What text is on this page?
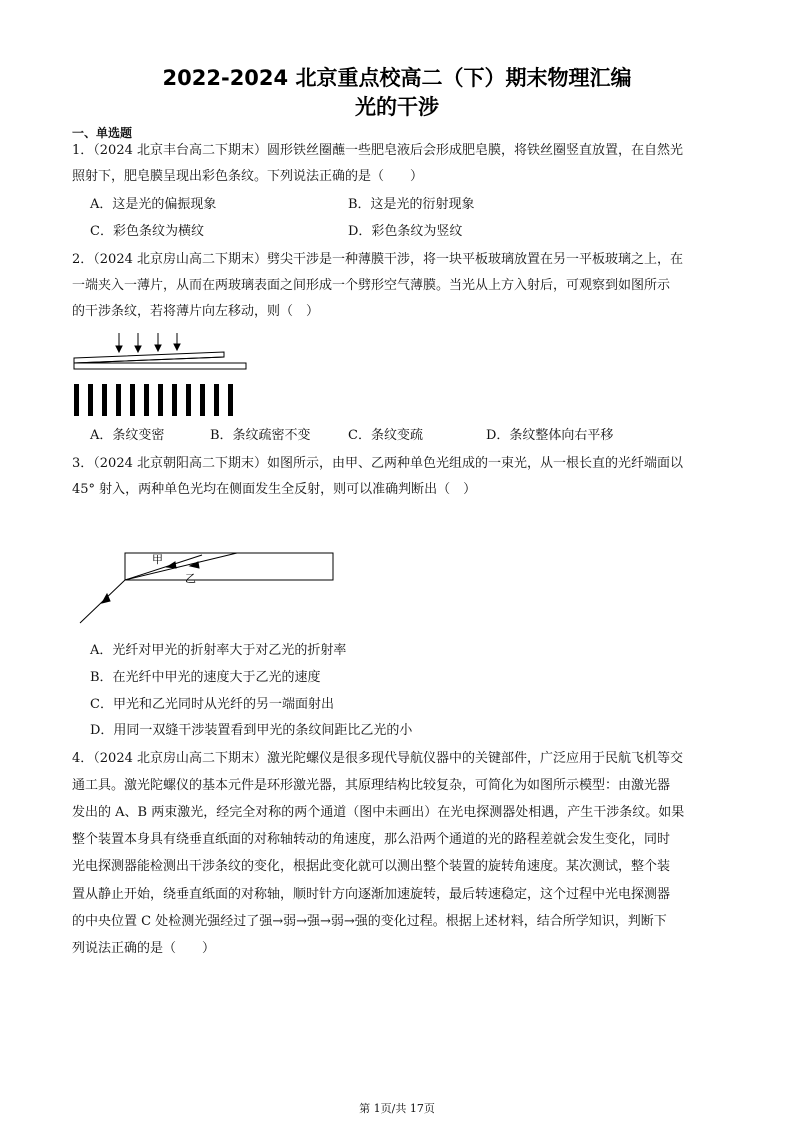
2022-2024 北京重点校高二（下）期末物理汇编
光的干涉
一、单选题
1．（2024 北京丰台高二下期末）圆形铁丝圈蘸一些肥皂液后会形成肥皂膜，将铁丝圈竖直放置，在自然光
照射下，肥皂膜呈现出彩色条纹。下列说法正确的是（　　）
A．这是光的偏振现象	B．这是光的衍射现象
C．彩色条纹为横纹	D．彩色条纹为竖纹
2．（2024 北京房山高二下期末）劈尖干涉是一种薄膜干涉，将一块平板玻璃放置在另一平板玻璃之上，在
一端夹入一薄片，从而在两玻璃表面之间形成一个劈形空气薄膜。当光从上方入射后，可观察到如图所示
的干涉条纹，若将薄片向左移动，则（　）
A．条纹变密	B．条纹疏密不变	C．条纹变疏	D．条纹整体向右平移
3．（2024 北京朝阳高二下期末）如图所示，由甲、乙两种单色光组成的一束光，从一根长直的光纤端面以
45° 射入，两种单色光均在侧面发生全反射，则可以准确判断出（　）
甲
乙
A．光纤对甲光的折射率大于对乙光的折射率
B．在光纤中甲光的速度大于乙光的速度
C．甲光和乙光同时从光纤的另一端面射出
D．用同一双缝干涉装置看到甲光的条纹间距比乙光的小
4．（2024 北京房山高二下期末）激光陀螺仪是很多现代导航仪器中的关键部件，广泛应用于民航飞机等交
通工具。激光陀螺仪的基本元件是环形激光器，其原理结构比较复杂，可简化为如图所示模型：由激光器
发出的 A、B 两束激光，经完全对称的两个通道（图中未画出）在光电探测器处相遇，产生干涉条纹。如果
整个装置本身具有绕垂直纸面的对称轴转动的角速度，那么沿两个通道的光的路程差就会发生变化，同时
光电探测器能检测出干涉条纹的变化，根据此变化就可以测出整个装置的旋转角速度。某次测试，整个装
置从静止开始，绕垂直纸面的对称轴，顺时针方向逐渐加速旋转，最后转速稳定，这个过程中光电探测器
的中央位置 C 处检测光强经过了强→弱→强→弱→强的变化过程。根据上述材料，结合所学知识，判断下
列说法正确的是（　　）
第 1页/共 17页
